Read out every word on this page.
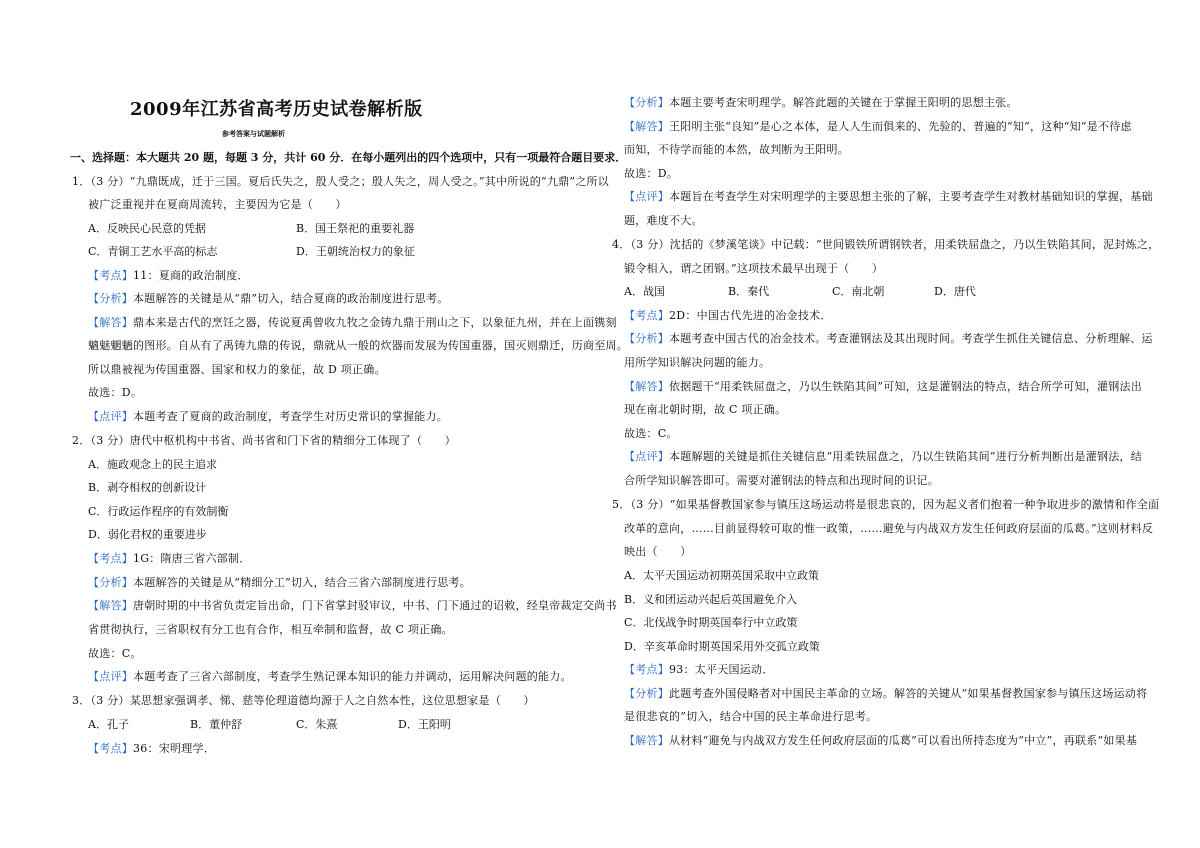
2009年江苏省高考历史试卷解析版
参考答案与试题解析
一、选择题：本大题共 20 题，每题 3 分，共计 60 分．在每小题列出的四个选项中，只有一项最符合题目要求．
1．（3 分）“九鼎既成，迁于三国。夏后氏失之，殷人受之；殷人失之，周人受之。”其中所说的“九鼎”之所以
被广泛重视并在夏商周流转，主要因为它是（　　）
A．反映民心民意的凭据	B．国王祭祀的重要礼器
C．青铜工艺水平高的标志	D．王朝统治权力的象征
【考点】11：夏商的政治制度．
【分析】本题解答的关键是从“鼎”切入，结合夏商的政治制度进行思考。
【解答】鼎本来是古代的烹饪之器，传说夏禹曾收九牧之金铸九鼎于荆山之下，以象征九州，并在上面镌刻
魑魅魍魉的图形。自从有了禹铸九鼎的传说，鼎就从一般的炊器而发展为传国重器，国灭则鼎迁，历商至周。
所以鼎被视为传国重器、国家和权力的象征，故 D 项正确。
故选：D。
【点评】本题考查了夏商的政治制度，考查学生对历史常识的掌握能力。
2．（3 分）唐代中枢机构中书省、尚书省和门下省的精细分工体现了（　　）
A．施政观念上的民主追求
B．剥夺相权的创新设计
C．行政运作程序的有效制衡
D．弱化君权的重要进步
【考点】1G：隋唐三省六部制．
【分析】本题解答的关键是从“精细分工”切入，结合三省六部制度进行思考。
【解答】唐朝时期的中书省负责定旨出命，门下省掌封驳审议，中书、门下通过的诏敕，经皇帝裁定交尚书
省贯彻执行，三省职权有分工也有合作，相互牵制和监督，故 C 项正确。
故选：C。
【点评】本题考查了三省六部制度，考查学生熟记课本知识的能力并调动，运用解决问题的能力。
3．（3 分）某思想家强调孝、悌、慈等伦理道德均源于人之自然本性，这位思想家是（　　）
A．孔子	B．董仲舒	C．朱熹	D．王阳明
【考点】36：宋明理学．
【分析】本题主要考查宋明理学。解答此题的关键在于掌握王阳明的思想主张。
【解答】王阳明主张“良知”是心之本体，是人人生而俱来的、先验的、普遍的“知”，这种“知”是不待虑
而知，不待学而能的本然，故判断为王阳明。
故选：D。
【点评】本题旨在考查学生对宋明理学的主要思想主张的了解，主要考查学生对教材基础知识的掌握，基础
题，难度不大。
4．（3 分）沈括的《梦溪笔谈》中记载：“世间锻铁所谓钢铁者，用柔铁屈盘之，乃以生铁陷其间，泥封炼之，
锻令相入，谓之团钢。”这项技术最早出现于（　　）
A．战国	B．秦代	C．南北朝	D．唐代
【考点】2D：中国古代先进的冶金技术．
【分析】本题考查中国古代的冶金技术。考查灌钢法及其出现时间。考查学生抓住关键信息、分析理解、运
用所学知识解决问题的能力。
【解答】依据题干“用柔铁屈盘之，乃以生铁陷其间”可知，这是灌钢法的特点，结合所学可知，灌钢法出
现在南北朝时期，故 C 项正确。
故选：C。
【点评】本题解题的关键是抓住关键信息“用柔铁屈盘之，乃以生铁陷其间”进行分析判断出是灌钢法，结
合所学知识解答即可。需要对灌钢法的特点和出现时间的识记。
5．（3 分）“如果基督教国家参与镇压这场运动将是很悲哀的，因为起义者们抱着一种争取进步的激情和作全面
改革的意向，……目前显得较可取的惟一政策，……避免与内战双方发生任何政府层面的瓜葛。”这则材料反
映出（　　）
A．太平天国运动初期英国采取中立政策
B．义和团运动兴起后英国避免介入
C．北伐战争时期英国奉行中立政策
D．辛亥革命时期英国采用外交孤立政策
【考点】93：太平天国运动．
【分析】此题考查外国侵略者对中国民主革命的立场。解答的关键从“如果基督教国家参与镇压这场运动将
是很悲哀的”切入，结合中国的民主革命进行思考。
【解答】从材料“避免与内战双方发生任何政府层面的瓜葛”可以看出所持态度为“中立”，再联系“如果基
